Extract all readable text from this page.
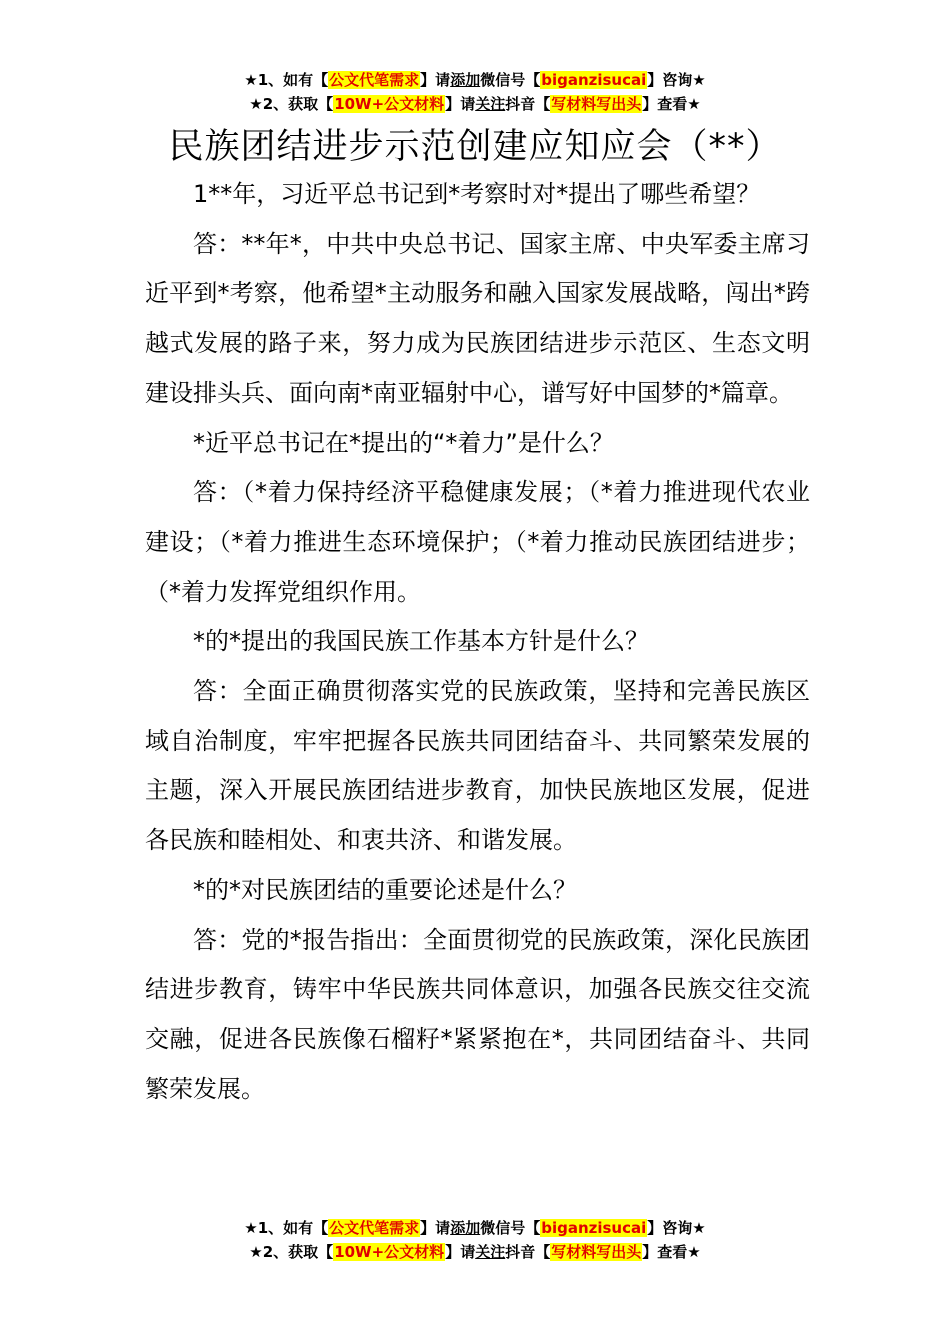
★1、如有【公文代笔需求】请添加微信号【biganzisucai】咨询★
★2、获取【10W+公文材料】请关注抖音【写材料写出头】查看★
民族团结进步示范创建应知应会（**）

1**年，习近平总书记到*考察时对*提出了哪些希望？

答：**年*，中共中央总书记、国家主席、中央军委主席习近平到*考察，他希望*主动服务和融入国家发展战略，闯出*跨越式发展的路子来，努力成为民族团结进步示范区、生态文明建设排头兵、面向南*南亚辐射中心，谱写好中国梦的*篇章。

*近平总书记在*提出的“*着力”是什么？

答：（*着力保持经济平稳健康发展；（*着力推进现代农业建设；（*着力推进生态环境保护；（*着力推动民族团结进步；（*着力发挥党组织作用。

*的*提出的我国民族工作基本方针是什么？

答：全面正确贯彻落实党的民族政策，坚持和完善民族区域自治制度，牢牢把握各民族共同团结奋斗、共同繁荣发展的主题，深入开展民族团结进步教育，加快民族地区发展，促进各民族和睦相处、和衷共济、和谐发展。

*的*对民族团结的重要论述是什么？

答：党的*报告指出：全面贯彻党的民族政策，深化民族团结进步教育，铸牢中华民族共同体意识，加强各民族交往交流交融，促进各民族像石榴籽*紧紧抱在*，共同团结奋斗、共同繁荣发展。

★1、如有【公文代笔需求】请添加微信号【biganzisucai】咨询★
★2、获取【10W+公文材料】请关注抖音【写材料写出头】查看★
